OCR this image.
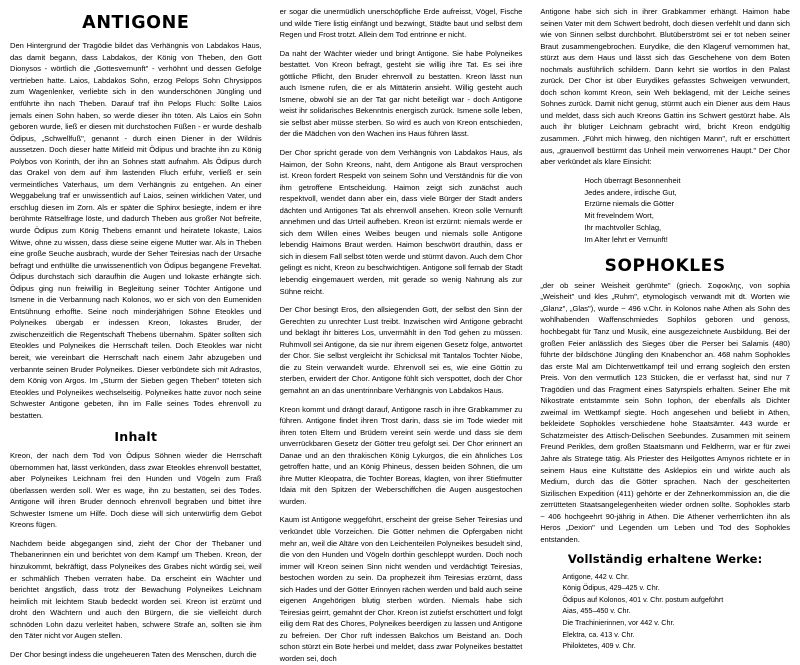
ANTIGONE

Den Hintergrund der Tragödie bildet das Verhängnis von Labdakos Haus, das damit begann, dass Labdakos, der König von Theben, den Gott Dionysos - wörtlich die „Gottesvernunft" - verhöhnt und dessen Gefolge vertrieben hatte. Laios, Labdakos Sohn, erzog Pelops Sohn Chrysippos zum Wagenlenker, verliebte sich in den wunderschönen Jüngling und entführte ihn nach Theben. Darauf traf ihn Pelops Fluch: Sollte Laios jemals einen Sohn haben, so werde dieser ihn töten. Als Laios ein Sohn geboren wurde, ließ er diesen mit durchstochen Füßen - er wurde deshalb Ödipus, „Schwellfuß", genannt - durch einen Diener in der Wildnis aussetzen. Doch dieser hatte Mitleid mit Ödipus und brachte ihn zu König Polybos von Korinth, der ihn an Sohnes statt aufnahm. Als Ödipus durch das Orakel von dem auf ihm lastenden Fluch erfuhr, verließ er sein vermeintliches Vaterhaus, um dem Verhängnis zu entgehen. An einer Weggabelung traf er unwissentlich auf Laios, seinen wirklichen Vater, und erschlug diesen im Zorn. Als er später die Sphinx besiegte, indem er ihre berühmte Rätselfrage löste, und dadurch Theben aus großer Not befreite, wurde Ödipus zum König Thebens ernannt und heiratete Iokaste, Laios Witwe, ohne zu wissen, dass diese seine eigene Mutter war. Als in Theben eine große Seuche ausbrach, wurde der Seher Teiresias nach der Ursache befragt und enthüllte die unwissenentlich von Ödipus begangene Freveltat. Ödipus durchstach sich daraufhin die Augen und Iokaste erhängte sich. Ödipus ging nun freiwillig in Begleitung seiner Töchter Antigone und Ismene in die Verbannung nach Kolonos, wo er sich von den Eumeniden Entsühnung erhoffte. Seine noch minderjährigen Söhne Eteokles und Polyneikes übergab er indessen Kreon, Iokastes Bruder, der zwischenzeitlich die Regentschaft Thebens übernahm. Später sollten sich Eteokles und Polyneikes die Herrschaft teilen. Doch Eteokles war nicht bereit, wie vereinbart die Herrschaft nach einem Jahr abzugeben und verbannte seinen Bruder Polyneikes. Dieser verbündete sich mit Adrastos, dem König von Argos. Im „Sturm der Sieben gegen Theben" töteten sich Eteokles und Polyneikes wechselseitig. Polyneikes hatte zuvor noch seine Schwester Antigone gebeten, ihn im Falle seines Todes ehrenvoll zu bestatten.

Inhalt

Kreon, der nach dem Tod von Ödipus Söhnen wieder die Herrschaft übernommen hat, lässt verkünden, dass zwar Eteokles ehrenvoll bestattet, aber Polyneikes Leichnam frei den Hunden und Vögeln zum Fraß überlassen werden soll. Wer es wage, ihn zu bestatten, sei des Todes. Antigone will ihren Bruder dennoch ehrenvoll begraben und bittet ihre Schwester Ismene um Hilfe. Doch diese will sich unterwürfig dem Gebot Kreons fügen.

Nachdem beide abgegangen sind, zieht der Chor der Thebaner und Thebanerinnen ein und berichtet von dem Kampf um Theben. Kreon, der hinzukommt, bekräftigt, dass Polyneikes des Grabes nicht würdig sei, weil er schmählich Theben verraten habe. Da erscheint ein Wächter und berichtet ängstlich, dass trotz der Bewachung Polyneikes Leichnam heimlich mit leichtem Staub bedeckt worden sei. Kreon ist erzürnt und droht den Wächtern und auch den Bürgern, die sie vielleicht durch schnöden Lohn dazu verleitet haben, schwere Strafe an, sollten sie ihm den Täter nicht vor Augen stellen.

Der Chor besingt indess die ungeheueren Taten des Menschen, durch die

er sogar die unermüdlich unerschöpfliche Erde aufreisst, Vögel, Fische und wilde Tiere listig einfängt und bezwingt, Städte baut und selbst dem Regen und Frost trotzt. Allein dem Tod entrinne er nicht.

Da naht der Wächter wieder und bringt Antigone. Sie habe Polyneikes bestattet. Von Kreon befragt, gesteht sie willig ihre Tat. Es sei ihre göttliche Pflicht, den Bruder ehrenvoll zu bestatten. Kreon lässt nun auch Ismene rufen, die er als Mittäterin ansieht. Willig gesteht auch Ismene, obwohl sie an der Tat gar nicht beteiligt war - doch Antigone weist ihr solidarisches Bekenntnis energisch zurück. Ismene solle leben, sie selbst aber müsse sterben. So wird es auch von Kreon entschieden, der die Mädchen von den Wachen ins Haus führen lässt.

Der Chor spricht gerade von dem Verhängnis von Labdakos Haus, als Haimon, der Sohn Kreons, naht, dem Antigone als Braut versprochen ist. Kreon fordert Respekt von seinem Sohn und Verständnis für die von ihm getroffene Entscheidung. Haimon zeigt sich zunächst auch respektvoll, wendet dann aber ein, dass viele Bürger der Stadt anders dächten und Antigones Tat als ehrenvoll ansehen. Kreon solle Vernunft annehmen und das Urteil aufheben. Kreon ist erzürnt: niemals werde er sich dem Willen eines Weibes beugen und niemals solle Antigone lebendig Haimons Braut werden. Haimon beschwört drauthin, dass er sich in diesem Fall selbst töten werde und stürmt davon. Auch dem Chor gelingt es nicht, Kreon zu beschwichtigen. Antigone soll fernab der Stadt lebendig eingemauert werden, mit gerade so wenig Nahrung als zur Sühne reicht.

Der Chor besingt Eros, den allsiegenden Gott, der selbst den Sinn der Gerechten zu unrechter Lust treibt. Inzwischen wird Antigone gebracht und beklagt ihr bitteres Los, unvermählt in den Tod gehen zu müssen. Ruhmvoll sei Antigone, da sie nur ihrem eigenen Gesetz folge, antwortet der Chor. Sie selbst vergleicht ihr Schicksal mit Tantalos Tochter Niobe, die zu Stein verwandelt wurde. Ehrenvoll sei es, wie eine Göttin zu sterben, erwidert der Chor. Antigone fühlt sich verspottet, doch der Chor gemahnt an an das unentrinnbare Verhängnis von Labdakos Haus.

Kreon kommt und drängt darauf, Antigone rasch in ihre Grabkammer zu führen. Antigone findet ihren Trost darin, dass sie im Tode wieder mit ihren toten Eltern und Brüdern vereint sein werde und dass sie dem unverrückbaren Gesetz der Götter treu gefolgt sei. Der Chor erinnert an Danae und an den thrakischen König Lykurgos, die ein ähnliches Los getroffen hatte, und an König Phineus, dessen beiden Söhnen, die um ihre Mutter Kleopatra, die Tochter Boreas, klagten, von ihrer Stiefmutter Idaia mit den Spitzen der Weberschiffchen die Augen ausgestochen wurden.

Kaum ist Antigone weggeführt, erscheint der greise Seher Teiresias und verkündet üble Vorzeichen. Die Götter nehmen die Opfergaben nicht mehr an, weil die Altäre von den Leichenteilen Polyneikes besudelt sind, die von den Hunden und Vögeln dorthin geschleppt wurden. Doch noch immer will Kreon seinen Sinn nicht wenden und verdächtigt Teiresias, bestochen worden zu sein. Da prophezeit ihm Teiresias erzürnt, dass sich Hades und der Götter Erinnyen rächen werden und bald auch seine eigenen Angehörigen blutig sterben würden. Niemals habe sich Teiresias geirrt, gemahnt der Chor. Kreon ist zutiefst erschüttert und folgt eilig dem Rat des Chores, Polyneikes beerdigen zu lassen und Antigone zu befreien. Der Chor ruft indessen Bakchos um Beistand an. Doch schon stürzt ein Bote herbei und meldet, dass zwar Polyneikes bestattet worden sei, doch

Antigone habe sich sich in ihrer Grabkammer erhängt. Haimon habe seinen Vater mit dem Schwert bedroht, doch diesen verfehlt und dann sich wie von Sinnen selbst durchbohrt. Blutüberströmt sei er tot neben seiner Braut zusammengebrochen. Eurydike, die den Klageruf vernommen hat, stürzt aus dem Haus und lässt sich das Geschehene von dem Boten nochmals ausführlich schildern. Dann kehrt sie wortlos in den Palast zurück. Der Chor ist über Eurydikes gefasstes Schweigen verwundert, doch schon kommt Kreon, sein Weh beklagend, mit der Leiche seines Sohnes zurück. Damit nicht genug, stürmt auch ein Diener aus dem Haus und meldet, dass sich auch Kreons Gattin ins Schwert gestürzt habe. Als auch ihr blutiger Leichnam gebracht wird, bricht Kreon endgültig zusammen. „Führt mich hinweg, den nichtigen Mann", ruft er erschüttert aus, „grauenvoll bestürmt das Unheil mein verworrenes Haupt." Der Chor aber verkündet als klare Einsicht:

Hoch überragt Besonnenheit
Jedes andere, irdische Gut,
Erzürne niemals die Götter
Mit frevelndem Wort,
Ihr machtvoller Schlag,
Im Alter lehrt er Vernunft!
SOPHOKLES

„der ob seiner Weisheit gerühmte" (griech. Σοφοκλης, von sophia „Weisheit" und kles „Ruhm", etymologisch verwandt mit dt. Worten wie „Glanz", „Glas"), wurde ~ 496 v.Chr. in Kolonos nahe Athen als Sohn des wohlhabenden Waffenschmiedes Sophilos geboren und genoss, hochbegabt für Tanz und Musik, eine ausgezeichnete Ausbildung. Bei der großen Feier anlässlich des Sieges über die Perser bei Salamis (480) führte der bildschöne Jüngling den Knabenchor an. 468 nahm Sophokles das erste Mal am Dichterwettkampf teil und errang sogleich den ersten Preis. Von den vermutlich 123 Stücken, die er verfasst hat, sind nur 7 Tragödien und das Fragment eines Satyrspiels erhalten. Seiner Ehe mit Nikostrate entstammte sein Sohn Iophon, der ebenfalls als Dichter zweimal im Wettkampf siegte. Hoch angesehen und beliebt in Athen, bekleidete Sophokles verschiedene hohe Staatsämter. 443 wurde er Schatzmeister des Attisch-Delischen Seebundes. Zusammen mit seinem Freund Perikles, dem großen Staatsmann und Feldherrn, war er für zwei Jahre als Stratege tätig. Als Priester des Heilgottes Amynos richtete er in seinem Haus eine Kultstätte des Asklepios ein und wirkte auch als Medium, durch das die Götter sprachen. Nach der gescheiterten Sizilischen Expedition (411) gehörte er der Zehnerkommission an, die die zerrütteten Staatsangelegenheiten wieder ordnen sollte. Sophokles starb ~ 406 hochgeehrt 90-jährig in Athen. Die Athener verherrlichten ihn als Heros „Dexion" und Legenden um Leben und Tod des Sophokles entstanden.

Vollständig erhaltene Werke:
Antigone, 442 v. Chr.
König Ödipus, 429–425 v. Chr.
Ödipus auf Kolonos, 401 v. Chr. postum aufgeführt
Aias, 455–450 v. Chr.
Die Trachinierinnen, vor 442 v. Chr.
Elektra, ca. 413 v. Chr.
Philoktetes, 409 v. Chr.
